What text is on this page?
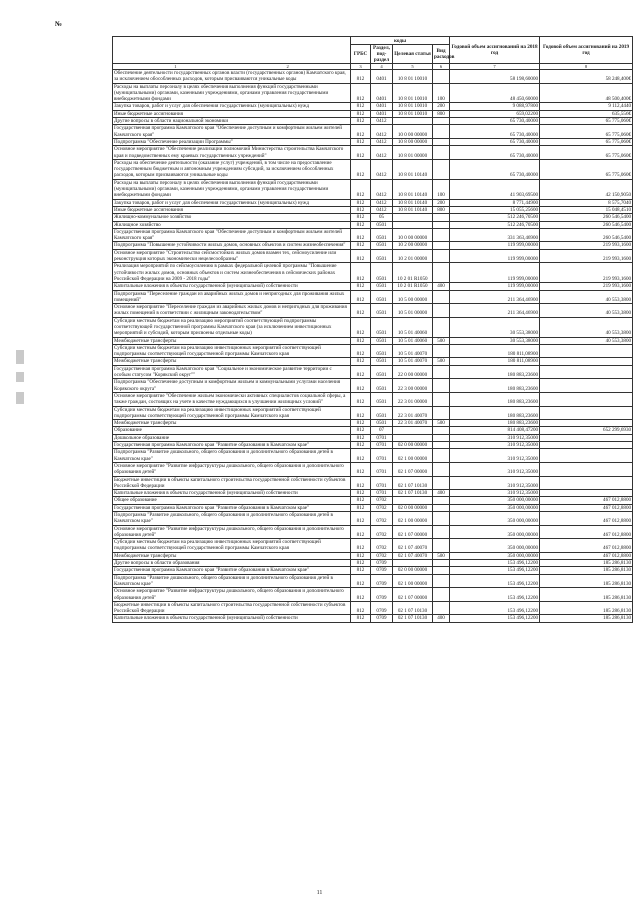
№
	коды				Годовой объем ассигнований на 2018 год	Годовой объем ассигнований на 2019 год
	ГРБС	Раздел, под-раздел	Целевая статья	Вид расходов		
1 2	3	4	5	6	7	8
Обеспечение деятельности государственных органов власти (государственных органов) Камчатского края, за исключением обособленных расходов, которым присваиваются уникальные коды	812	0401	10 8 01 10010		58 198,60000	58 248,400€
Расходы на выплаты персоналу в целях обеспечения выполнения функций государственными (муниципальными) органами, казенными учреждениями, органами управления государственными внебюджетными фондами	812	0401	10 8 01 10010	100	48 450,60000	48 500,400€
Закупка товаров, работ и услуг для обеспечения государственных (муниципальных) нужд	812	0401	10 8 01 10010	200	9 088,97800	9 112,4440
Иные бюджетные ассигнования	812	0401	10 8 01 10010	800	659,02200	635,556€
Другие вопросы в области национальной экономики	812	0412			65 730,40000	65 775,060€
Государственная программа Камчатского края "Обеспечение доступным и комфортным жильем жителей Камчатского края"	812	0412	10 0 00 00000		65 730,40000	65 775,060€
Подпрограмма "Обеспечение реализации Программы"	812	0412	10 8 00 00000		65 730,40000	65 775,060€
Основное мероприятие "Обеспечение реализации полномочий Министерства строительства Камчатского края и подведомственных ему краевых государственных учреждений"	812	0412	10 8 01 00000		65 730,40000	65 775,060€
Расходы на обеспечение деятельности (оказание услуг) учреждений, в том числе на предоставление государственным бюджетным и автономным учреждениям субсидий, за исключением обособленных расходов, которым присваиваются уникальные коды	812	0412	10 8 01 10140		65 730,40000	65 775,060€
Расходы на выплаты персоналу в целях обеспечения выполнения функций государственными (муниципальными) органами, казенными учреждениями, органами управления государственными внебюджетными фондами	812	0412	10 8 01 10140	100	41 903,69500	42 150,9050
Закупка товаров, работ и услуг для обеспечения государственных (муниципальных) нужд	812	0412	10 8 01 10140	200	8 771,44900	8 575,7040
Иные бюджетные ассигнования	812	0412	10 8 01 10140	800	15 055,25600	15 048,4510
Жилищно-коммунальное хозяйство	812	05			512 246,70500	260 546,5400
Жилищное хозяйство	812	0501			512 246,70500	260 546,5400
Государственная программа Камчатского края "Обеспечение доступным и комфортным жильем жителей Камчатского края"	812	0501	10 0 00 00000		331 363,46900	260 546,5400
Подпрограмма "Повышение устойчивости жилых домов, основных объектов и систем жизнеобеспечения"	812	0501	10 2 00 00000		119 999,00000	219 993,1600
Основное мероприятие "Строительство сейсмостойких жилых домов взамен тех, сейсмоусиление или реконструкция которых экономически нецелесообразны"	812	0501	10 2 01 00000		119 999,00000	219 993,1600
Реализация мероприятий по сейсмоусилению в рамках федеральной целевой программы "Повышение устойчивости жилых домов, основных объектов и систем жизнеобеспечения в сейсмических районах Российской Федерации на 2009 - 2018 годы"	812	0501	10 2 01 R1050		119 999,00000	219 993,1600
Капитальные вложения в объекты государственной (муниципальной) собственности	812	0501	10 2 01 R1050	400	119 999,00000	219 993,1600
Подпрограмма "Переселение граждан из аварийных жилых домов и непригодных для проживания жилых помещений"	812	0501	10 5 00 00000		211 364,46900	40 553,3800
Основное мероприятие "Переселение граждан из аварийных жилых домов и непригодных для проживания жилых помещений в соответствии с жилищным законодательством"	812	0501	10 5 01 00000		211 364,46900	40 553,3800
Субсидии местным бюджетам на реализацию мероприятий соответствующей подпрограммы соответствующей государственной программы Камчатского края (за исключением инвестиционных мероприятий и субсидий, которым присвоены отдельные коды)	812	0501	10 5 01 40060		30 553,38000	40 553,3800
Межбюджетные трансферты	812	0501	10 5 01 40060	500	30 553,38000	40 553,3800
Субсидии местным бюджетам на реализацию инвестиционных мероприятий соответствующей подпрограммы соответствующей государственной программы Камчатского края	812	0501	10 5 01 40070		180 811,08900	
Межбюджетные трансферты	812	0501	10 5 01 40070	500	180 811,08900	
Государственная программа Камчатского края "Социальное и экономическое развитие территории с особым статусом "Корякский округ""	812	0501	22 0 00 00000		180 883,23600	
Подпрограмма "Обеспечение доступным и комфортным жильем и коммунальными услугами населения Корякского округа"	812	0501	22 3 00 00000		180 883,23600	
Основное мероприятие "Обеспечение жильем экономически активных специалистов социальной сферы, а также граждан, состоящих на учете в качестве нуждающихся в улучшении жилищных условий"	812	0501	22 3 01 00000		180 883,23600	
Субсидии местным бюджетам на реализацию инвестиционных мероприятий соответствующей подпрограммы соответствующей государственной программы Камчатского края	812	0501	22 3 01 40070		180 883,23600	
Межбюджетные трансферты	812	0501	22 3 01 40070	500	180 883,23600	
Образование	812	07			814 408,47200	652 299,6930
Дошкольное образование	812	0701			310 912,35000	
Государственная программа Камчатского края "Развитие образования в Камчатском крае"	812	0701	02 0 00 00000		310 912,35000	
Подпрограмма "Развитие дошкольного, общего образования и дополнительного образования детей в Камчатском крае"	812	0701	02 1 00 00000		310 912,35000	
Основное мероприятие "Развитие инфраструктуры дошкольного, общего образования и дополнительного образования детей"	812	0701	02 1 07 00000		310 912,35000	
Бюджетные инвестиции в объекты капитального строительства государственной собственности субъектов Российской Федерации	812	0701	02 1 07 10130		310 912,35000	
Капитальные вложения в объекты государственной (муниципальной) собственности	812	0701	02 1 07 10130	400	310 912,35000	
Общее образование	812	0702			350 000,00000	467 012,8800
Государственная программа Камчатского края "Развитие образования в Камчатском крае"	812	0702	02 0 00 00000		350 000,00000	467 012,8800
Подпрограмма "Развитие дошкольного, общего образования и дополнительного образования детей в Камчатском крае"	812	0702	02 1 00 00000		350 000,00000	467 012,8800
Основное мероприятие "Развитие инфраструктуры дошкольного, общего образования и дополнительного образования детей"	812	0702	02 1 07 00000		350 000,00000	467 012,8800
Субсидии местным бюджетам на реализацию инвестиционных мероприятий соответствующей подпрограммы соответствующей государственной программы Камчатского края	812	0702	02 1 07 40070		350 000,00000	467 012,8800
Межбюджетные трансферты	812	0702	02 1 07 40070	500	350 000,00000	467 012,8800
Другие вопросы в области образования	812	0709			153 496,12200	185 286,8130
Государственная программа Камчатского края "Развитие образования в Камчатском крае"	812	0709	02 0 00 00000		153 496,12200	185 286,8130
Подпрограмма "Развитие дошкольного, общего образования и дополнительного образования детей в Камчатском крае"	812	0709	02 1 00 00000		153 496,12200	185 286,8130
Основное мероприятие "Развитие инфраструктуры дошкольного, общего образования и дополнительного образования детей"	812	0709	02 1 07 00000		153 496,12200	185 286,8130
Бюджетные инвестиции в объекты капитального строительства государственной собственности субъектов Российской Федерации	812	0709	02 1 07 10130		153 496,12200	185 286,8130
Капитальные вложения в объекты государственной (муниципальной) собственности	812	0709	02 1 07 10130	400	153 496,12200	185 286,8130
11
